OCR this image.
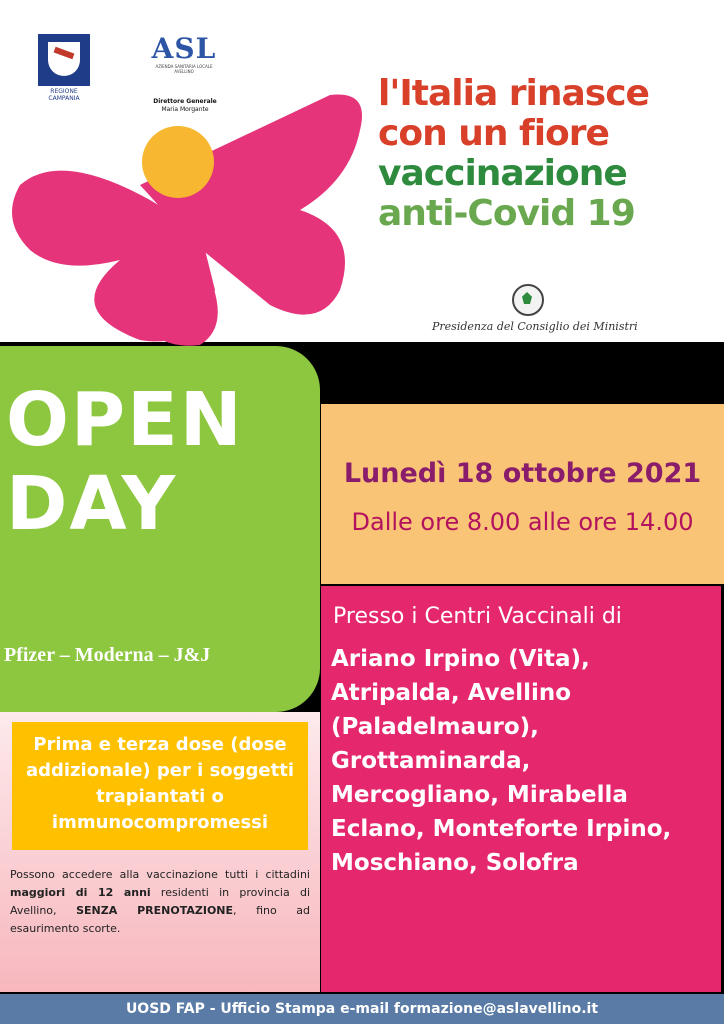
REGIONE CAMPANIA
ASL
AZIENDA SANITARIA LOCALE AVELLINO
Direttore Generale
Maria Morgante	l'Italia rinasce
con un fiore
vaccinazione
anti-Covid 19
Presidenza del Consiglio dei Ministri
OPEN
DAY
Pfizer – Moderna – J&J
Lunedì 18 ottobre 2021
Dalle ore 8.00 alle ore 14.00
Presso i Centri Vaccinali di
Ariano Irpino (Vita),
Atripalda, Avellino
(Paladelmauro),
Grottaminarda,
Mercogliano, Mirabella
Eclano, Monteforte Irpino,
Moschiano, Solofra
Prima e terza dose (dose
addizionale) per i soggetti
trapiantati o
immunocompromessi
Possono accedere alla vaccinazione tutti i cittadini maggiori di 12 anni residenti in provincia di Avellino, SENZA PRENOTAZIONE, fino ad esaurimento scorte.
UOSD FAP - Ufficio Stampa e-mail formazione@aslavellino.it
